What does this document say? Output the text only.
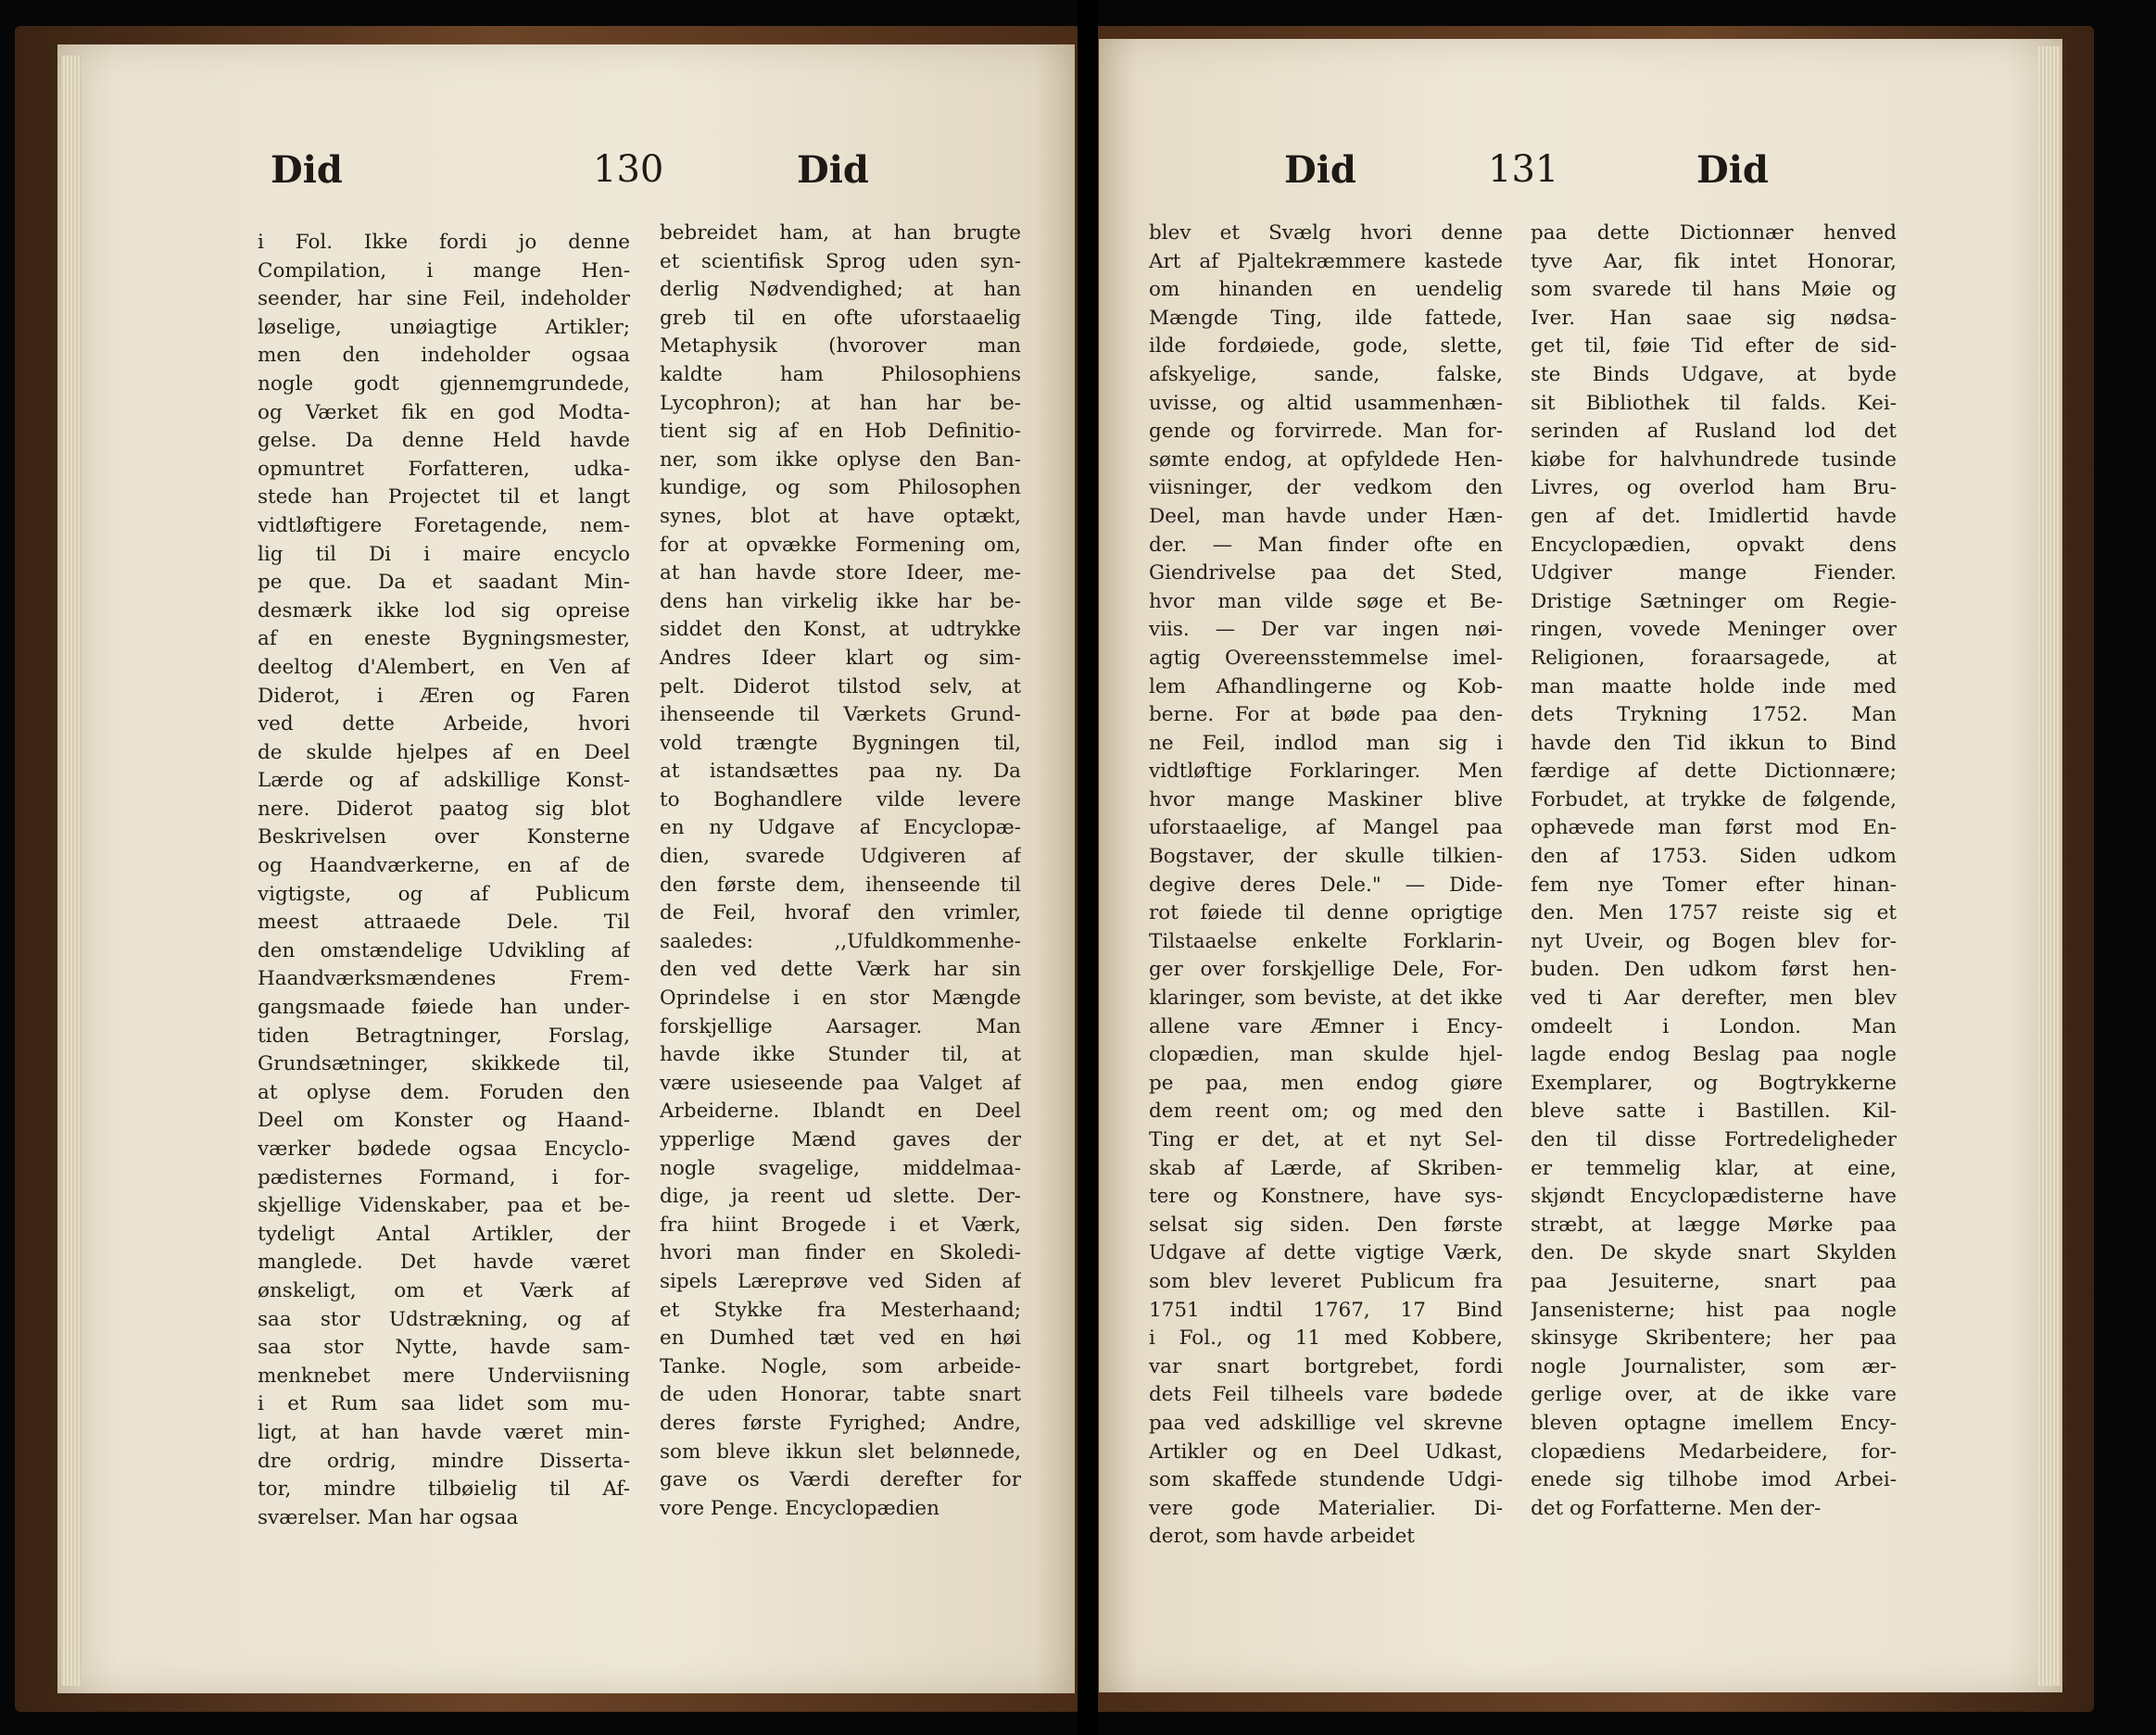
Did	130	Did
i Fol. Ikke fordi jo denne
Compilation, i mange Hen-
seender, har sine Feil, indeholder
løselige, unøiagtige Artikler;
men den indeholder ogsaa
nogle godt gjennemgrundede,
og Værket fik en god Modta-
gelse. Da denne Held havde
opmuntret Forfatteren, udka-
stede han Projectet til et langt
vidtløftigere Foretagende, nem-
lig til Di i maire encyclo
pe que. Da et saadant Min-
desmærk ikke lod sig opreise
af en eneste Bygningsmester,
deeltog d'Alembert, en Ven af
Diderot, i Æren og Faren
ved dette Arbeide, hvori
de skulde hjelpes af en Deel
Lærde og af adskillige Konst-
nere. Diderot paatog sig blot
Beskrivelsen over Konsterne
og Haandværkerne, en af de
vigtigste, og af Publicum
meest attraaede Dele. Til
den omstændelige Udvikling af
Haandværksmændenes Frem-
gangsmaade føiede han under-
tiden Betragtninger, Forslag,
Grundsætninger, skikkede til,
at oplyse dem. Foruden den
Deel om Konster og Haand-
værker bødede ogsaa Encyclo-
pædisternes Formand, i for-
skjellige Videnskaber, paa et be-
tydeligt Antal Artikler, der
manglede. Det havde været
ønskeligt, om et Værk af
saa stor Udstrækning, og af
saa stor Nytte, havde sam-
menknebet mere Underviisning
i et Rum saa lidet som mu-
ligt, at han havde været min-
dre ordrig, mindre Disserta-
tor, mindre tilbøielig til Af-
sværelser. Man har ogsaa
bebreidet ham, at han brugte
et scientifisk Sprog uden syn-
derlig Nødvendighed; at han
greb til en ofte uforstaaelig
Metaphysik (hvorover man
kaldte ham Philosophiens
Lycophron); at han har be-
tient sig af en Hob Definitio-
ner, som ikke oplyse den Ban-
kundige, og som Philosophen
synes, blot at have optækt,
for at opvække Formening om,
at han havde store Ideer, me-
dens han virkelig ikke har be-
siddet den Konst, at udtrykke
Andres Ideer klart og sim-
pelt. Diderot tilstod selv, at
ihenseende til Værkets Grund-
vold trængte Bygningen til,
at istandsættes paa ny. Da
to Boghandlere vilde levere
en ny Udgave af Encyclopæ-
dien, svarede Udgiveren af
den første dem, ihenseende til
de Feil, hvoraf den vrimler,
saaledes: ,,Ufuldkommenhe-
den ved dette Værk har sin
Oprindelse i en stor Mængde
forskjellige Aarsager. Man
havde ikke Stunder til, at
være usieseende paa Valget af
Arbeiderne. Iblandt en Deel
ypperlige Mænd gaves der
nogle svagelige, middelmaa-
dige, ja reent ud slette. Der-
fra hiint Brogede i et Værk,
hvori man finder en Skoledi-
sipels Læreprøve ved Siden af
et Stykke fra Mesterhaand;
en Dumhed tæt ved en høi
Tanke. Nogle, som arbeide-
de uden Honorar, tabte snart
deres første Fyrighed; Andre,
som bleve ikkun slet belønnede,
gave os Værdi derefter for
vore Penge. Encyclopædien
Did	131	Did
blev et Svælg hvori denne
Art af Pjaltekræmmere kastede
om hinanden en uendelig
Mængde Ting, ilde fattede,
ilde fordøiede, gode, slette,
afskyelige, sande, falske,
uvisse, og altid usammenhæn-
gende og forvirrede. Man for-
sømte endog, at opfyldede Hen-
viisninger, der vedkom den
Deel, man havde under Hæn-
der. — Man finder ofte en
Giendrivelse paa det Sted,
hvor man vilde søge et Be-
viis. — Der var ingen nøi-
agtig Overeensstemmelse imel-
lem Afhandlingerne og Kob-
berne. For at bøde paa den-
ne Feil, indlod man sig i
vidtløftige Forklaringer. Men
hvor mange Maskiner blive
uforstaaelige, af Mangel paa
Bogstaver, der skulle tilkien-
degive deres Dele." — Dide-
rot føiede til denne oprigtige
Tilstaaelse enkelte Forklarin-
ger over forskjellige Dele, For-
klaringer, som beviste, at det ikke
allene vare Æmner i Ency-
clopædien, man skulde hjel-
pe paa, men endog giøre
dem reent om; og med den
Ting er det, at et nyt Sel-
skab af Lærde, af Skriben-
tere og Konstnere, have sys-
selsat sig siden. Den første
Udgave af dette vigtige Værk,
som blev leveret Publicum fra
1751 indtil 1767, 17 Bind
i Fol., og 11 med Kobbere,
var snart bortgrebet, fordi
dets Feil tilheels vare bødede
paa ved adskillige vel skrevne
Artikler og en Deel Udkast,
som skaffede stundende Udgi-
vere gode Materialier. Di-
derot, som havde arbeidet
paa dette Dictionnær henved
tyve Aar, fik intet Honorar,
som svarede til hans Møie og
Iver. Han saae sig nødsa-
get til, føie Tid efter de sid-
ste Binds Udgave, at byde
sit Bibliothek til falds. Kei-
serinden af Rusland lod det
kiøbe for halvhundrede tusinde
Livres, og overlod ham Bru-
gen af det. Imidlertid havde
Encyclopædien, opvakt dens
Udgiver mange Fiender.
Dristige Sætninger om Regie-
ringen, vovede Meninger over
Religionen, foraarsagede, at
man maatte holde inde med
dets Trykning 1752. Man
havde den Tid ikkun to Bind
færdige af dette Dictionnære;
Forbudet, at trykke de følgende,
ophævede man først mod En-
den af 1753. Siden udkom
fem nye Tomer efter hinan-
den. Men 1757 reiste sig et
nyt Uveir, og Bogen blev for-
buden. Den udkom først hen-
ved ti Aar derefter, men blev
omdeelt i London. Man
lagde endog Beslag paa nogle
Exemplarer, og Bogtrykkerne
bleve satte i Bastillen. Kil-
den til disse Fortredeligheder
er temmelig klar, at eine,
skjøndt Encyclopædisterne have
stræbt, at lægge Mørke paa
den. De skyde snart Skylden
paa Jesuiterne, snart paa
Jansenisterne; hist paa nogle
skinsyge Skribentere; her paa
nogle Journalister, som ær-
gerlige over, at de ikke vare
bleven optagne imellem Ency-
clopædiens Medarbeidere, for-
enede sig tilhobe imod Arbei-
det og Forfatterne. Men der-
